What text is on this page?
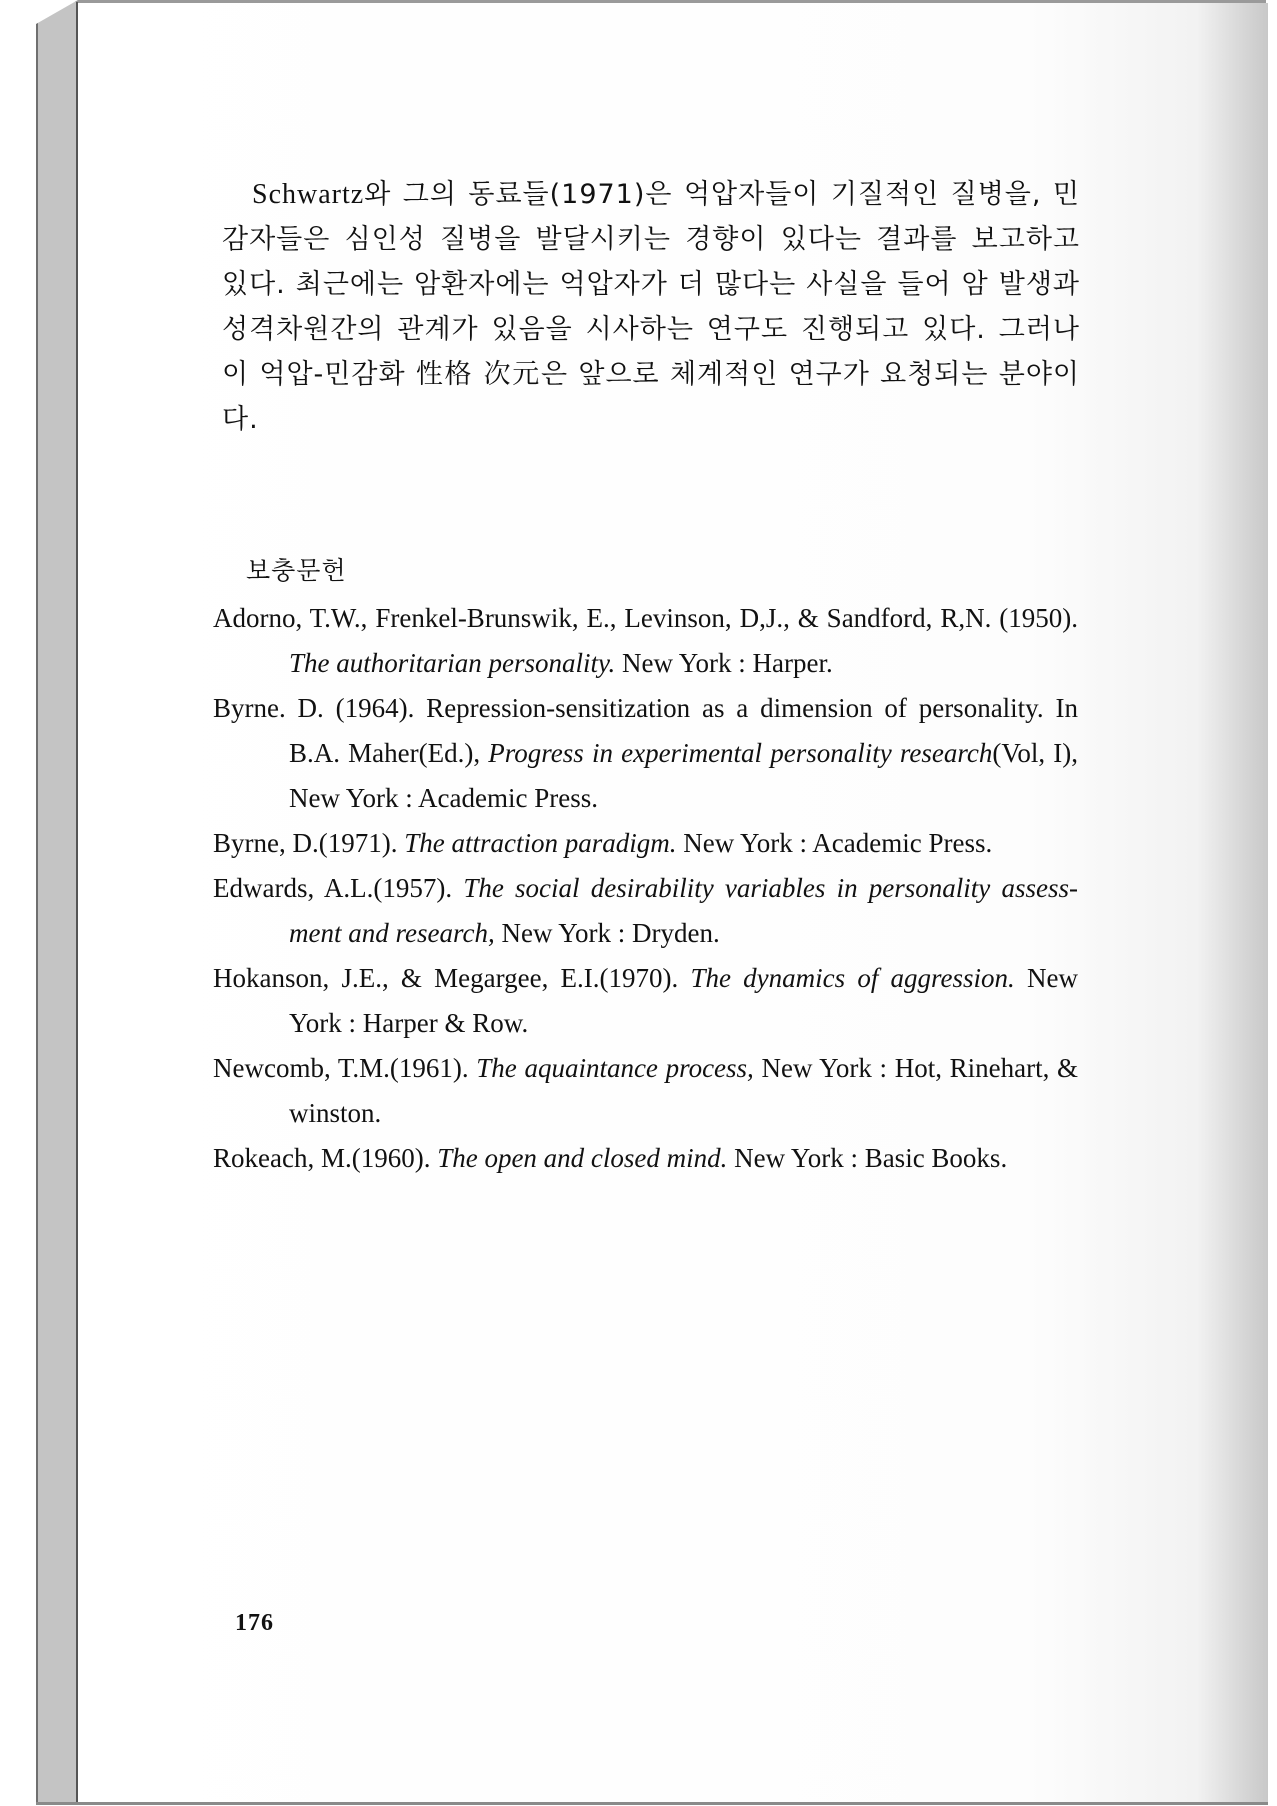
Schwartz와 그의 동료들(1971)은 억압자들이 기질적인 질병을, 민감자들은 심인성 질병을 발달시키는 경향이 있다는 결과를 보고하고 있다. 최근에는 암환자에는 억압자가 더 많다는 사실을 들어 암 발생과 성격차원간의 관계가 있음을 시사하는 연구도 진행되고 있다. 그러나 이 억압-민감화 性格 次元은 앞으로 체계적인 연구가 요청되는 분야이다.

보충문헌
Adorno, T.W., Frenkel-Brunswik, E., Levinson, D,J., & Sandford, R,N. (1950). The authoritarian personality. New York : Harper.
Byrne. D. (1964). Repression-sensitization as a dimension of personality. In B.A. Maher(Ed.), Progress in experimental personality research(Vol, I), New York : Academic Press.
Byrne, D.(1971). The attraction paradigm. New York : Academic Press.
Edwards, A.L.(1957). The social desirability variables in personality assess-ment and research, New York : Dryden.
Hokanson, J.E., & Megargee, E.I.(1970). The dynamics of aggression. New York : Harper & Row.
Newcomb, T.M.(1961). The aquaintance process, New York : Hot, Rinehart, & winston.
Rokeach, M.(1960). The open and closed mind. New York : Basic Books.
176
